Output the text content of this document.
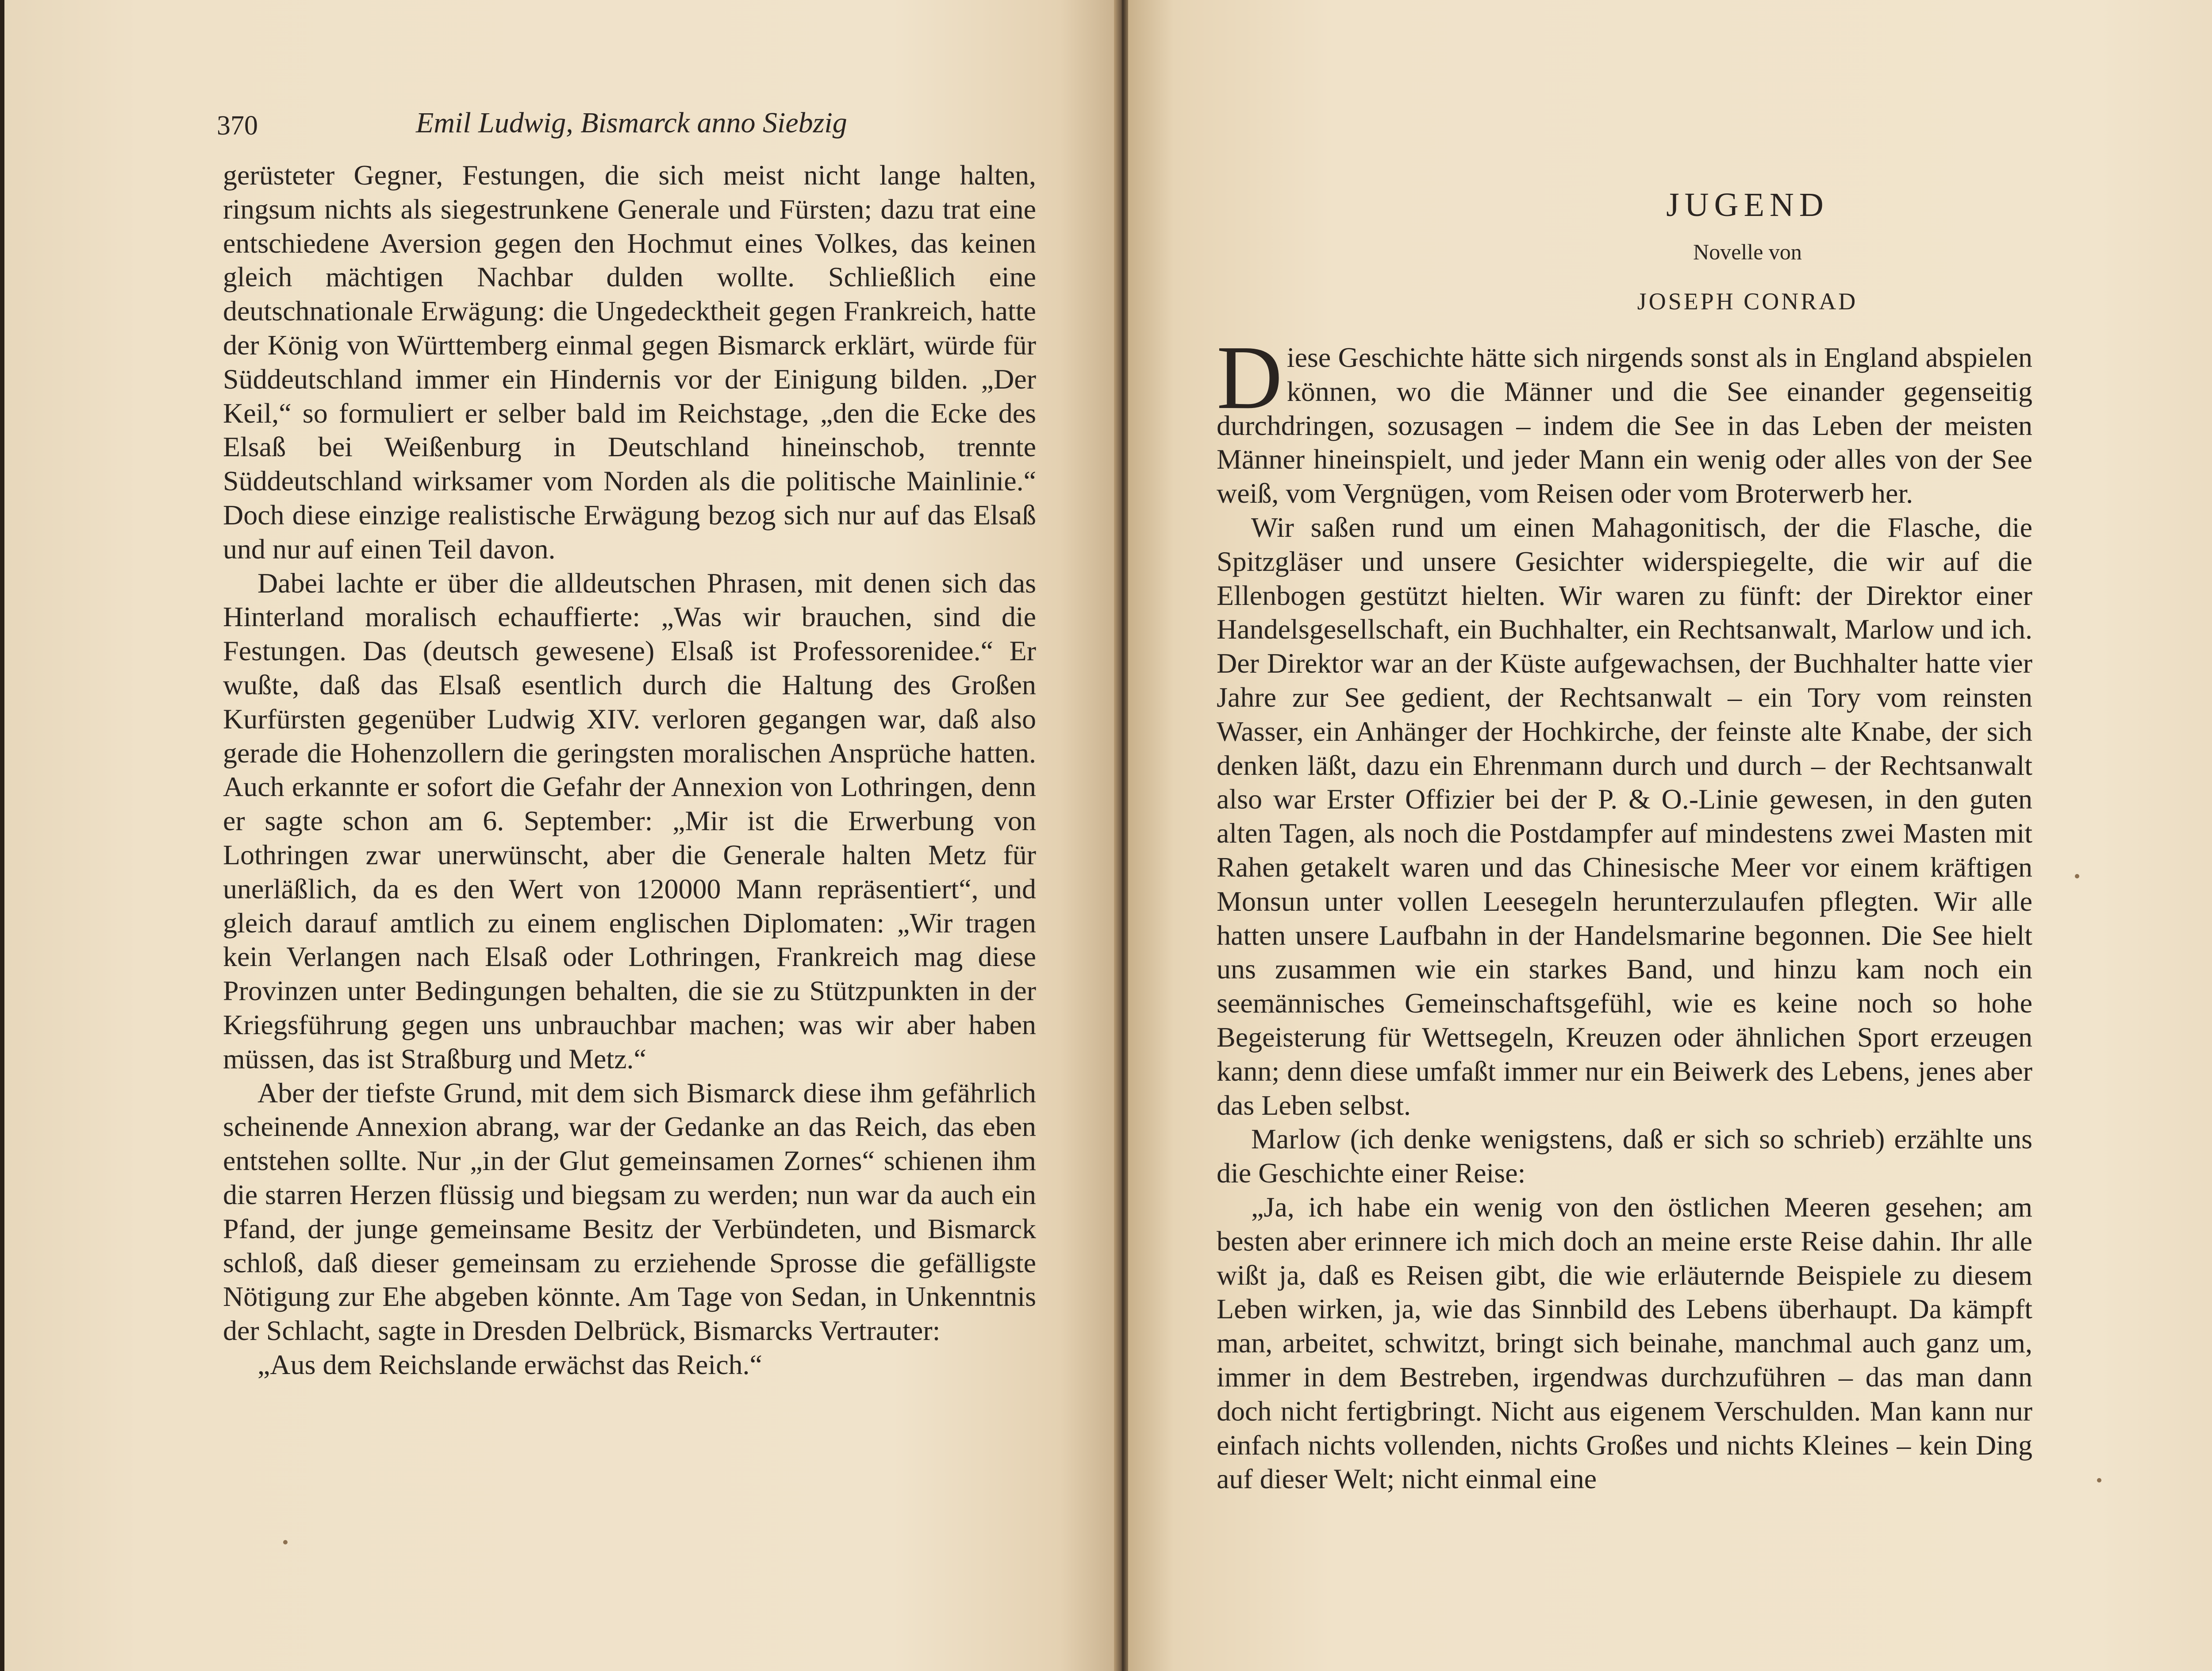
370	Emil Ludwig, Bismarck anno Siebzig

gerüsteter Gegner, Festungen, die sich meist nicht lange halten, ringsum nichts als siegestrunkene Generale und Fürsten; dazu trat eine entschiedene Aversion gegen den Hochmut eines Volkes, das keinen gleich mächtigen Nachbar dulden wollte. Schließlich eine deutschnationale Erwägung: die Ungedecktheit gegen Frankreich, hatte der König von Württemberg einmal gegen Bismarck erklärt, würde für Süddeutschland immer ein Hindernis vor der Einigung bilden. „Der Keil,“ so formuliert er selber bald im Reichstage, „den die Ecke des Elsaß bei Weißenburg in Deutschland hineinschob, trennte Süddeutschland wirksamer vom Norden als die politische Mainlinie.“ Doch diese einzige realistische Erwägung bezog sich nur auf das Elsaß und nur auf einen Teil davon.

Dabei lachte er über die alldeutschen Phrasen, mit denen sich das Hinterland moralisch echauffierte: „Was wir brauchen, sind die Festungen. Das (deutsch gewesene) Elsaß ist Professorenidee.“ Er wußte, daß das Elsaß esentlich durch die Haltung des Großen Kurfürsten gegenüber Ludwig XIV. verloren gegangen war, daß also gerade die Hohenzollern die geringsten moralischen Ansprüche hatten. Auch erkannte er sofort die Gefahr der Annexion von Lothringen, denn er sagte schon am 6. September: „Mir ist die Erwerbung von Lothringen zwar unerwünscht, aber die Generale halten Metz für unerläßlich, da es den Wert von 120000 Mann repräsentiert“, und gleich darauf amtlich zu einem englischen Diplomaten: „Wir tragen kein Verlangen nach Elsaß oder Lothringen, Frankreich mag diese Provinzen unter Bedingungen behalten, die sie zu Stützpunkten in der Kriegsführung gegen uns unbrauchbar machen; was wir aber haben müssen, das ist Straßburg und Metz.“

Aber der tiefste Grund, mit dem sich Bismarck diese ihm gefährlich scheinende Annexion abrang, war der Gedanke an das Reich, das eben entstehen sollte. Nur „in der Glut gemeinsamen Zornes“ schienen ihm die starren Herzen flüssig und biegsam zu werden; nun war da auch ein Pfand, der junge gemeinsame Besitz der Verbündeten, und Bismarck schloß, daß dieser gemeinsam zu erziehende Sprosse die gefälligste Nötigung zur Ehe abgeben könnte. Am Tage von Sedan, in Unkenntnis der Schlacht, sagte in Dresden Delbrück, Bismarcks Vertrauter:

„Aus dem Reichslande erwächst das Reich.“

JUGEND
Novelle von
JOSEPH CONRAD

Diese Geschichte hätte sich nirgends sonst als in England abspielen können, wo die Männer und die See einander gegenseitig durchdringen, sozusagen – indem die See in das Leben der meisten Männer hineinspielt, und jeder Mann ein wenig oder alles von der See weiß, vom Vergnügen, vom Reisen oder vom Broterwerb her.

Wir saßen rund um einen Mahagonitisch, der die Flasche, die Spitzgläser und unsere Gesichter widerspiegelte, die wir auf die Ellenbogen gestützt hielten. Wir waren zu fünft: der Direktor einer Handelsgesellschaft, ein Buchhalter, ein Rechtsanwalt, Marlow und ich. Der Direktor war an der Küste aufgewachsen, der Buchhalter hatte vier Jahre zur See gedient, der Rechtsanwalt – ein Tory vom reinsten Wasser, ein Anhänger der Hochkirche, der feinste alte Knabe, der sich denken läßt, dazu ein Ehrenmann durch und durch – der Rechtsanwalt also war Erster Offizier bei der P. & O.-Linie gewesen, in den guten alten Tagen, als noch die Postdampfer auf mindestens zwei Masten mit Rahen getakelt waren und das Chinesische Meer vor einem kräftigen Monsun unter vollen Leesegeln herunterzulaufen pflegten. Wir alle hatten unsere Laufbahn in der Handelsmarine begonnen. Die See hielt uns zusammen wie ein starkes Band, und hinzu kam noch ein seemännisches Gemeinschaftsgefühl, wie es keine noch so hohe Begeisterung für Wettsegeln, Kreuzen oder ähnlichen Sport erzeugen kann; denn diese umfaßt immer nur ein Beiwerk des Lebens, jenes aber das Leben selbst.

Marlow (ich denke wenigstens, daß er sich so schrieb) erzählte uns die Geschichte einer Reise:

„Ja, ich habe ein wenig von den östlichen Meeren gesehen; am besten aber erinnere ich mich doch an meine erste Reise dahin. Ihr alle wißt ja, daß es Reisen gibt, die wie erläuternde Beispiele zu diesem Leben wirken, ja, wie das Sinnbild des Lebens überhaupt. Da kämpft man, arbeitet, schwitzt, bringt sich beinahe, manchmal auch ganz um, immer in dem Bestreben, irgendwas durchzuführen – das man dann doch nicht fertigbringt. Nicht aus eigenem Verschulden. Man kann nur einfach nichts vollenden, nichts Großes und nichts Kleines – kein Ding auf dieser Welt; nicht einmal eine
